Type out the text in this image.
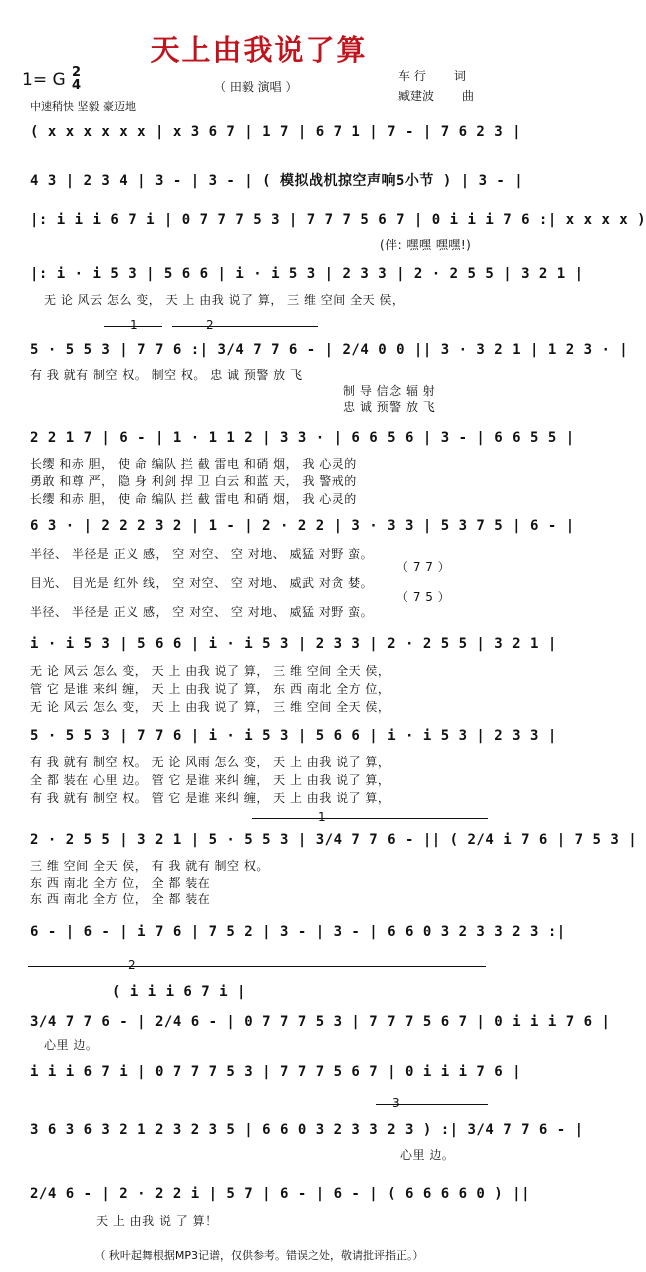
天上由我说了算
1= G 2
4	（ 田毅 演唱 ）
车 行 词
臧建波 曲
中速稍快 坚毅 豪迈地
( x x x x x x | x 3 6 7 | 1 7 | 6 7 1 | 7 - | 7 6 2 3 |
4 3 | 2 3 4 | 3 - | 3 - | ( 模拟战机掠空声响5小节 ) | 3 - |
|: i i i 6 7 i | 0 7 7 7 5 3 | 7 7 7 5 6 7 | 0 i i i 7 6 :| x x x x )
(伴: 嘿嘿 嘿嘿!)
|: i · i 5 3 | 5 6 6 | i · i 5 3 | 2 3 3 | 2 · 2 5 5 | 3 2 1 |
无 论 风云 怎么 变， 天 上 由我 说了 算， 三 维 空间 全天 侯，
1	2
5 · 5 5 3 | 7 7 6 :| 3/4 7 7 6 - | 2/4 0 0 || 3 · 3 2 1 | 1 2 3 · |
有 我 就有 制空 权。 制空 权。 忠 诚 预警 放 飞
制 导 信念 辐 射
忠 诚 预警 放 飞
2 2 1 7 | 6 - | 1 · 1 1 2 | 3 3 · | 6 6 5 6 | 3 - | 6 6 5 5 |
长缨 和赤 胆， 使 命 编队 拦 截 雷电 和硝 烟， 我 心灵的
勇敢 和尊 严， 隐 身 利剑 捍 卫 白云 和蓝 天， 我 警戒的
长缨 和赤 胆， 使 命 编队 拦 截 雷电 和硝 烟， 我 心灵的
6 3 · | 2 2 2 3 2 | 1 - | 2 · 2 2 | 3 · 3 3 | 5 3 7 5 | 6 - |
半径、 半径是 正义 感， 空 对空、 空 对地、 威猛 对野 蛮。
（ 7 7 ）
目光、 目光是 红外 线， 空 对空、 空 对地、 威武 对贪 婪。
（ 7 5 ）
半径、 半径是 正义 感， 空 对空、 空 对地、 威猛 对野 蛮。
i · i 5 3 | 5 6 6 | i · i 5 3 | 2 3 3 | 2 · 2 5 5 | 3 2 1 |
无 论 风云 怎么 变， 天 上 由我 说了 算， 三 维 空间 全天 侯，
管 它 是谁 来纠 缠， 天 上 由我 说了 算， 东 西 南北 全方 位，
无 论 风云 怎么 变， 天 上 由我 说了 算， 三 维 空间 全天 侯，
5 · 5 5 3 | 7 7 6 | i · i 5 3 | 5 6 6 | i · i 5 3 | 2 3 3 |
有 我 就有 制空 权。 无 论 风雨 怎么 变， 天 上 由我 说了 算，
全 都 装在 心里 边。 管 它 是谁 来纠 缠， 天 上 由我 说了 算，
有 我 就有 制空 权。 管 它 是谁 来纠 缠， 天 上 由我 说了 算，
1
2 · 2 5 5 | 3 2 1 | 5 · 5 5 3 | 3/4 7 7 6 - || ( 2/4 i 7 6 | 7 5 3 |
三 维 空间 全天 侯， 有 我 就有 制空 权。
东 西 南北 全方 位， 全 都 装在
东 西 南北 全方 位， 全 都 装在
6 - | 6 - | i 7 6 | 7 5 2 | 3 - | 3 - | 6 6 0 3 2 3 3 2 3 :|
2
( i i i 6 7 i |
3/4 7 7 6 - | 2/4 6 - | 0 7 7 7 5 3 | 7 7 7 5 6 7 | 0 i i i 7 6 |
心里 边。
i i i 6 7 i | 0 7 7 7 5 3 | 7 7 7 5 6 7 | 0 i i i 7 6 |
3
3 6 3 6 3 2 1 2 3 2 3 5 | 6 6 0 3 2 3 3 2 3 ) :| 3/4 7 7 6 - |
心里 边。
2/4 6 - | 2 · 2 2 i | 5 7 | 6 - | 6 - | ( 6 6 6 6 0 ) ||
天 上 由我 说 了 算！
（ 秋叶起舞根据MP3记谱，仅供参考。错误之处，敬请批评指正。）
